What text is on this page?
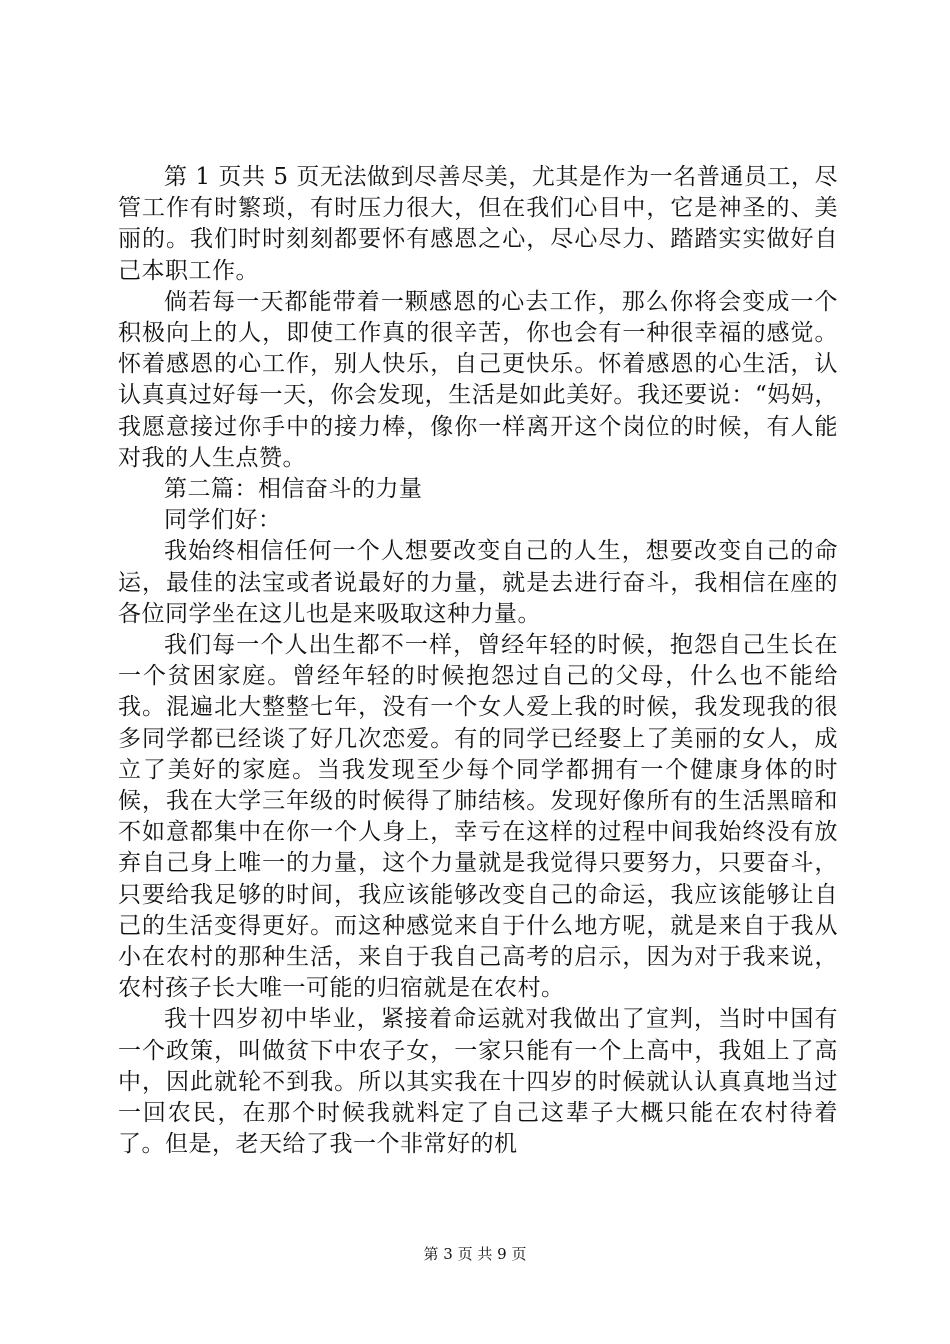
第 1 页共 5 页无法做到尽善尽美，尤其是作为一名普通员工，尽管工作有时繁琐，有时压力很大，但在我们心目中，它是神圣的、美丽的。我们时时刻刻都要怀有感恩之心，尽心尽力、踏踏实实做好自己本职工作。

倘若每一天都能带着一颗感恩的心去工作，那么你将会变成一个积极向上的人，即使工作真的很辛苦，你也会有一种很幸福的感觉。怀着感恩的心工作，别人快乐，自己更快乐。怀着感恩的心生活，认认真真过好每一天，你会发现，生活是如此美好。我还要说：“妈妈，我愿意接过你手中的接力棒，像你一样离开这个岗位的时候，有人能对我的人生点赞。

第二篇：相信奋斗的力量

同学们好：

我始终相信任何一个人想要改变自己的人生，想要改变自己的命运，最佳的法宝或者说最好的力量，就是去进行奋斗，我相信在座的各位同学坐在这儿也是来吸取这种力量。

我们每一个人出生都不一样，曾经年轻的时候，抱怨自己生长在一个贫困家庭。曾经年轻的时候抱怨过自己的父母，什么也不能给我。混遍北大整整七年，没有一个女人爱上我的时候，我发现我的很多同学都已经谈了好几次恋爱。有的同学已经娶上了美丽的女人，成立了美好的家庭。当我发现至少每个同学都拥有一个健康身体的时候，我在大学三年级的时候得了肺结核。发现好像所有的生活黑暗和不如意都集中在你一个人身上，幸亏在这样的过程中间我始终没有放弃自己身上唯一的力量，这个力量就是我觉得只要努力，只要奋斗，只要给我足够的时间，我应该能够改变自己的命运，我应该能够让自己的生活变得更好。而这种感觉来自于什么地方呢，就是来自于我从小在农村的那种生活，来自于我自己高考的启示，因为对于我来说，农村孩子长大唯一可能的归宿就是在农村。

我十四岁初中毕业，紧接着命运就对我做出了宣判，当时中国有一个政策，叫做贫下中农子女，一家只能有一个上高中，我姐上了高中，因此就轮不到我。所以其实我在十四岁的时候就认认真真地当过一回农民，在那个时候我就料定了自己这辈子大概只能在农村待着了。但是，老天给了我一个非常好的机

第 3 页 共 9 页
